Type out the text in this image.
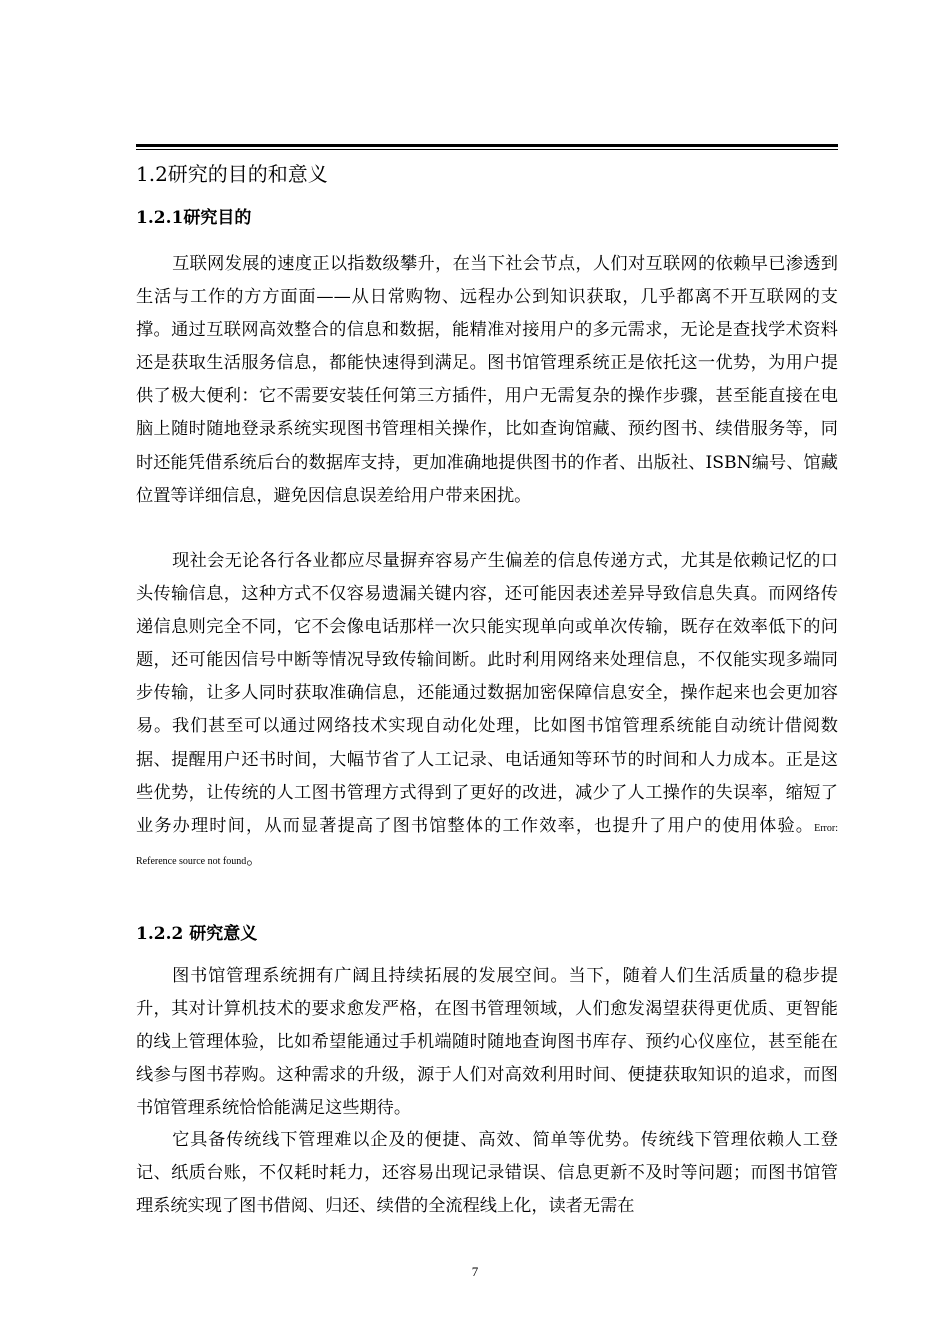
1.2研究的目的和意义
1.2.1研究目的

互联网发展的速度正以指数级攀升，在当下社会节点，人们对互联网的依赖早已渗透到生活与工作的方方面面——从日常购物、远程办公到知识获取，几乎都离不开互联网的支撑。通过互联网高效整合的信息和数据，能精准对接用户的多元需求，无论是查找学术资料还是获取生活服务信息，都能快速得到满足。图书馆管理系统正是依托这一优势，为用户提供了极大便利：它不需要安装任何第三方插件，用户无需复杂的操作步骤，甚至能直接在电脑上随时随地登录系统实现图书管理相关操作，比如查询馆藏、预约图书、续借服务等，同时还能凭借系统后台的数据库支持，更加准确地提供图书的作者、出版社、ISBN编号、馆藏位置等详细信息，避免因信息误差给用户带来困扰。

现社会无论各行各业都应尽量摒弃容易产生偏差的信息传递方式，尤其是依赖记忆的口头传输信息，这种方式不仅容易遗漏关键内容，还可能因表述差异导致信息失真。而网络传递信息则完全不同，它不会像电话那样一次只能实现单向或单次传输，既存在效率低下的问题，还可能因信号中断等情况导致传输间断。此时利用网络来处理信息，不仅能实现多端同步传输，让多人同时获取准确信息，还能通过数据加密保障信息安全，操作起来也会更加容易。我们甚至可以通过网络技术实现自动化处理，比如图书馆管理系统能自动统计借阅数据、提醒用户还书时间，大幅节省了人工记录、电话通知等环节的时间和人力成本。正是这些优势，让传统的人工图书管理方式得到了更好的改进，减少了人工操作的失误率，缩短了业务办理时间，从而显著提高了图书馆整体的工作效率，也提升了用户的使用体验。Error: Reference source not found。

1.2.2 研究意义

图书馆管理系统拥有广阔且持续拓展的发展空间。当下，随着人们生活质量的稳步提升，其对计算机技术的要求愈发严格，在图书管理领域，人们愈发渴望获得更优质、更智能的线上管理体验，比如希望能通过手机端随时随地查询图书库存、预约心仪座位，甚至能在线参与图书荐购。这种需求的升级，源于人们对高效利用时间、便捷获取知识的追求，而图书馆管理系统恰恰能满足这些期待。

它具备传统线下管理难以企及的便捷、高效、简单等优势。传统线下管理依赖人工登记、纸质台账，不仅耗时耗力，还容易出现记录错误、信息更新不及时等问题；而图书馆管理系统实现了图书借阅、归还、续借的全流程线上化，读者无需在

7
